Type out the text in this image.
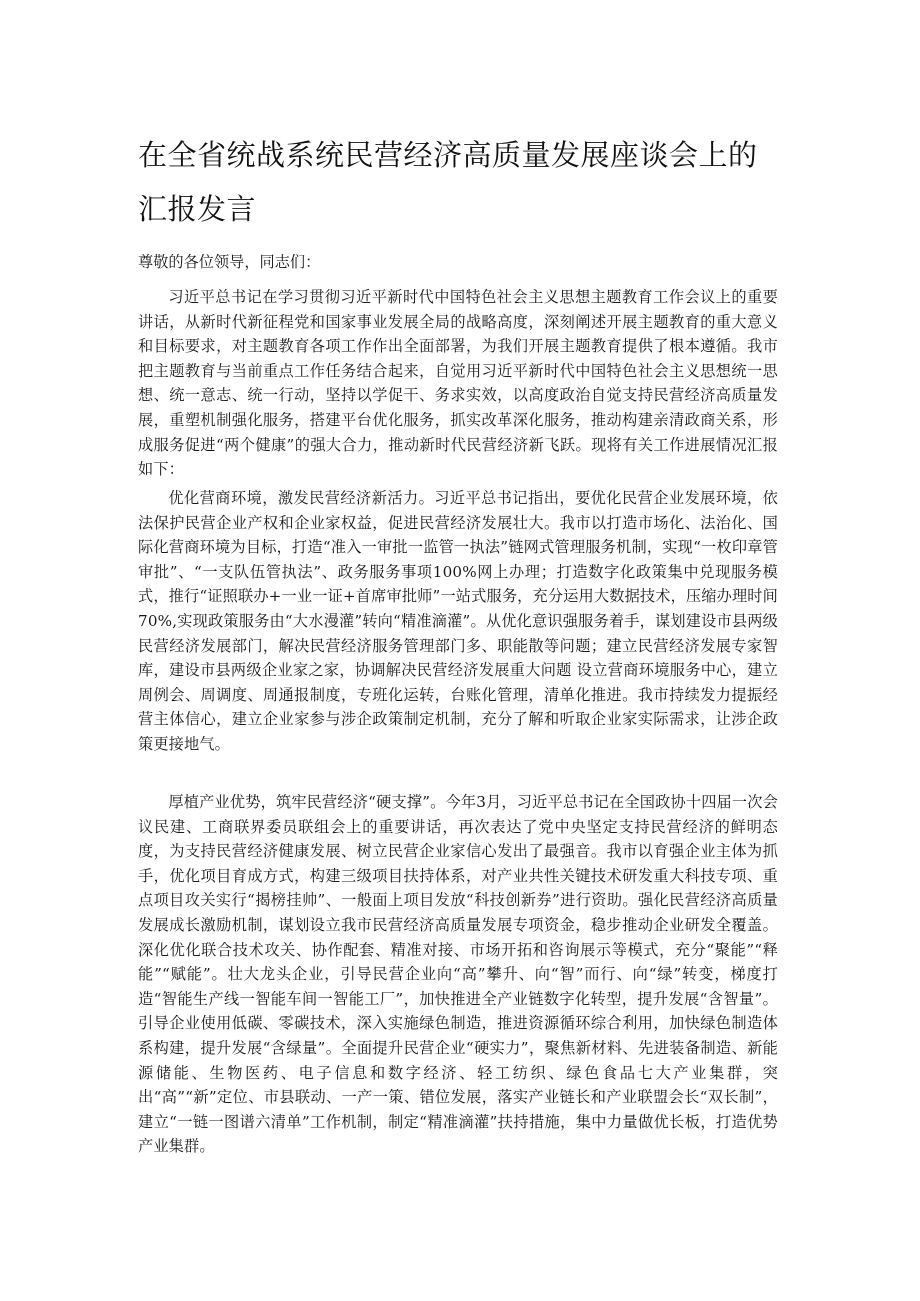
在全省统战系统民营经济高质量发展座谈会上的汇报发言

尊敬的各位领导，同志们：

习近平总书记在学习贯彻习近平新时代中国特色社会主义思想主题教育工作会议上的重要讲话，从新时代新征程党和国家事业发展全局的战略高度，深刻阐述开展主题教育的重大意义和目标要求，对主题教育各项工作作出全面部署，为我们开展主题教育提供了根本遵循。我市把主题教育与当前重点工作任务结合起来，自觉用习近平新时代中国特色社会主义思想统一思想、统一意志、统一行动，坚持以学促干、务求实效，以高度政治自觉支持民营经济高质量发展，重塑机制强化服务，搭建平台优化服务，抓实改革深化服务，推动构建亲清政商关系，形成服务促进“两个健康”的强大合力，推动新时代民营经济新飞跃。现将有关工作进展情况汇报如下：

优化营商环境，激发民营经济新活力。习近平总书记指出，要优化民营企业发展环境，依法保护民营企业产权和企业家权益，促进民营经济发展壮大。我市以打造市场化、法治化、国际化营商环境为目标，打造“准入一审批一监管一执法”链网式管理服务机制，实现“一枚印章管审批”、“一支队伍管执法”、政务服务事项100%网上办理；打造数字化政策集中兑现服务模式，推行“证照联办+一业一证+首席审批师”一站式服务，充分运用大数据技术，压缩办理时间70%,实现政策服务由“大水漫灌”转向“精准滴灌”。从优化意识强服务着手，谋划建设市县两级民营经济发展部门，解决民营经济服务管理部门多、职能散等问题；建立民营经济发展专家智库，建设市县两级企业家之家，协调解决民营经济发展重大问题 设立营商环境服务中心，建立周例会、周调度、周通报制度，专班化运转，台账化管理，清单化推进。我市持续发力提振经营主体信心，建立企业家参与涉企政策制定机制，充分了解和听取企业家实际需求，让涉企政策更接地气。

厚植产业优势，筑牢民营经济“硬支撑”。今年3月，习近平总书记在全国政协十四届一次会议民建、工商联界委员联组会上的重要讲话，再次表达了党中央坚定支持民营经济的鲜明态度，为支持民营经济健康发展、树立民营企业家信心发出了最强音。我市以育强企业主体为抓手，优化项目育成方式，构建三级项目扶持体系，对产业共性关键技术研发重大科技专项、重点项目攻关实行“揭榜挂帅”、一般面上项目发放“科技创新券”进行资助。强化民营经济高质量发展成长激励机制，谋划设立我市民营经济高质量发展专项资金，稳步推动企业研发全覆盖。深化优化联合技术攻关、协作配套、精准对接、市场开拓和咨询展示等模式，充分“聚能”“释能”“赋能”。壮大龙头企业，引导民营企业向“高”攀升、向“智”而行、向“绿”转变，梯度打造“智能生产线一智能车间一智能工厂”，加快推进全产业链数字化转型，提升发展“含智量”。引导企业使用低碳、零碳技术，深入实施绿色制造，推进资源循环综合利用，加快绿色制造体系构建，提升发展“含绿量”。全面提升民营企业“硬实力”，聚焦新材料、先进装备制造、新能源储能、生物医药、电子信息和数字经济、轻工纺织、绿色食品七大产业集群，突出“高”“新”定位、市县联动、一产一策、错位发展，落实产业链长和产业联盟会长“双长制”，建立“一链一图谱六清单”工作机制，制定“精准滴灌”扶持措施，集中力量做优长板，打造优势产业集群。
